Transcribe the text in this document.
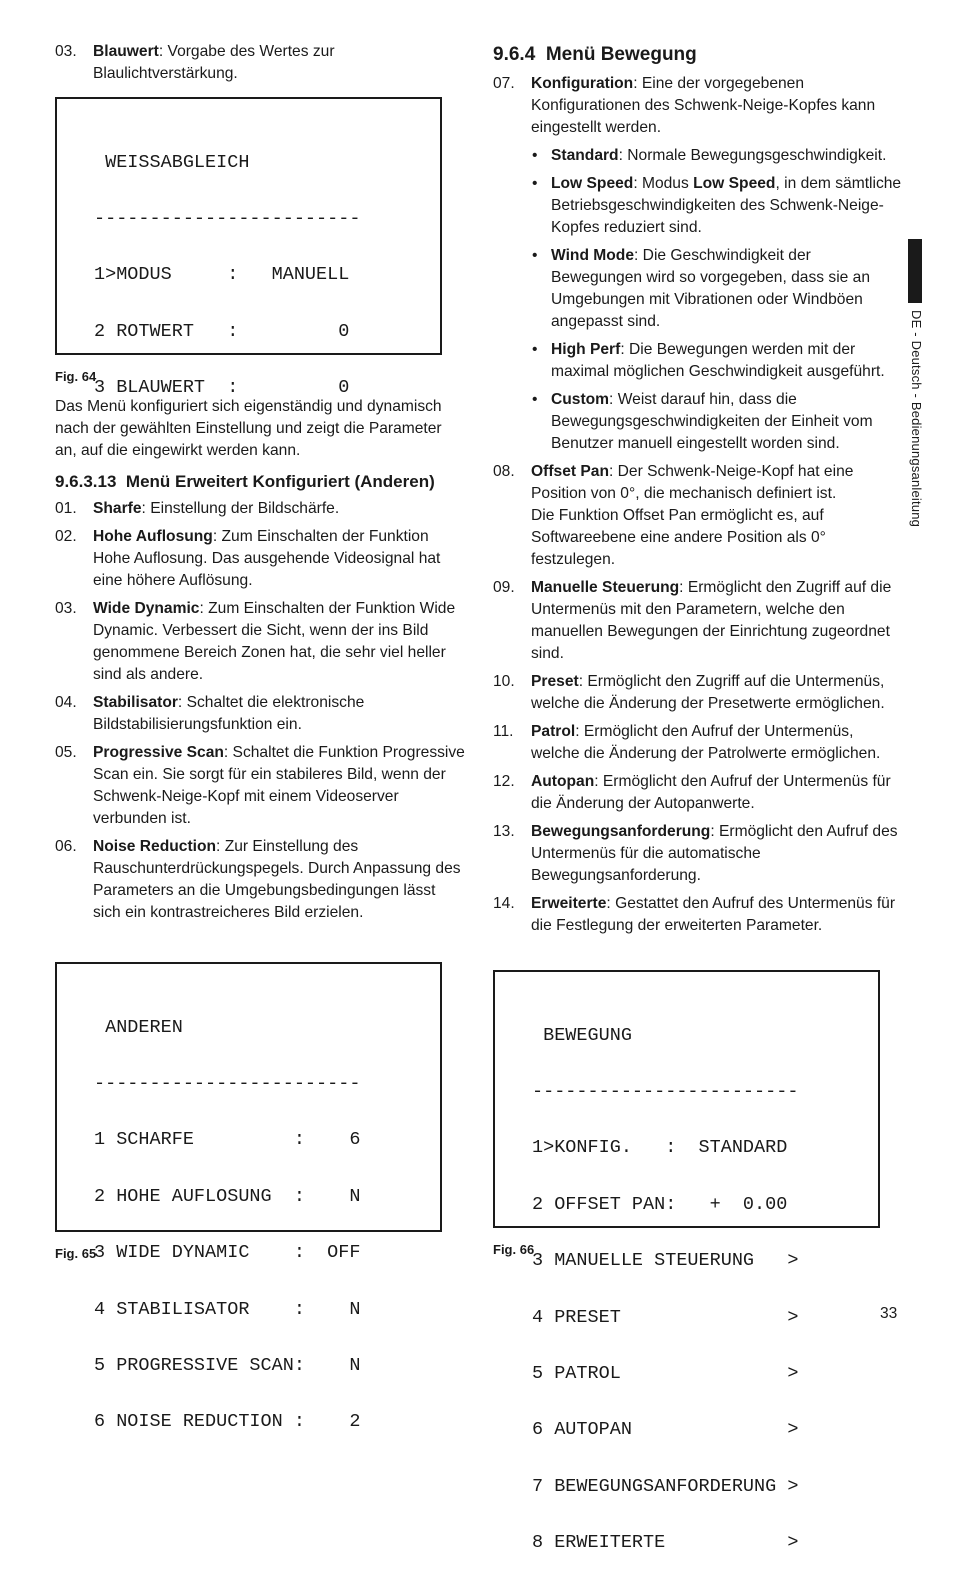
03. Blauwert: Vorgabe des Wertes zur Blaulichtverstärkung.

WEISSABGLEICH

------------------------

1>MODUS     :   MANUELL

2 ROTWERT   :         0

3 BLAUWERT  :         0

Fig. 64

Das Menü konfiguriert sich eigenständig und dynamisch nach der gewählten Einstellung und zeigt die Parameter an, auf die eingewirkt werden kann.

9.6.3.13 Menü Erweitert Konfiguriert (Anderen)
01. Sharfe: Einstellung der Bildschärfe.
02. Hohe Auflosung: Zum Einschalten der Funktion Hohe Auflosung. Das ausgehende Videosignal hat eine höhere Auflösung.
03. Wide Dynamic: Zum Einschalten der Funktion Wide Dynamic. Verbessert die Sicht, wenn der ins Bild genommene Bereich Zonen hat, die sehr viel heller sind als andere.
04. Stabilisator: Schaltet die elektronische Bildstabilisierungsfunktion ein.
05. Progressive Scan: Schaltet die Funktion Progressive Scan ein. Sie sorgt für ein stabileres Bild, wenn der Schwenk-Neige-Kopf mit einem Videoserver verbunden ist.
06. Noise Reduction: Zur Einstellung des Rauschunterdrückungspegels. Durch Anpassung des Parameters an die Umgebungsbedingungen lässt sich ein kontrastreicheres Bild erzielen.

ANDEREN

------------------------

1 SCHARFE         :    6

2 HOHE AUFLOSUNG  :    N

3 WIDE DYNAMIC    :  OFF

4 STABILISATOR    :    N

5 PROGRESSIVE SCAN:    N

6 NOISE REDUCTION :    2

Fig. 65
9.6.4 Menü Bewegung
07. Konfiguration: Eine der vorgegebenen Konfigurationen des Schwenk-Neige-Kopfes kann eingestellt werden.
• Standard: Normale Bewegungsgeschwindigkeit.
• Low Speed: Modus Low Speed, in dem sämtliche Betriebsgeschwindigkeiten des Schwenk-Neige-Kopfes reduziert sind.
• Wind Mode: Die Geschwindigkeit der Bewegungen wird so vorgegeben, dass sie an Umgebungen mit Vibrationen oder Windböen angepasst sind.
• High Perf: Die Bewegungen werden mit der maximal möglichen Geschwindigkeit ausgeführt.
• Custom: Weist darauf hin, dass die Bewegungsgeschwindigkeiten der Einheit vom Benutzer manuell eingestellt worden sind.
08. Offset Pan: Der Schwenk-Neige-Kopf hat eine Position von 0°, die mechanisch definiert ist.
Die Funktion Offset Pan ermöglicht es, auf Softwareebene eine andere Position als 0° festzulegen.
09. Manuelle Steuerung: Ermöglicht den Zugriff auf die Untermenüs mit den Parametern, welche den manuellen Bewegungen der Einrichtung zugeordnet sind.
10. Preset: Ermöglicht den Zugriff auf die Untermenüs, welche die Änderung der Presetwerte ermöglichen.
11. Patrol: Ermöglicht den Aufruf der Untermenüs, welche die Änderung der Patrolwerte ermöglichen.
12. Autopan: Ermöglicht den Aufruf der Untermenüs für die Änderung der Autopanwerte.
13. Bewegungsanforderung: Ermöglicht den Aufruf des Untermenüs für die automatische Bewegungsanforderung.
14. Erweiterte: Gestattet den Aufruf des Untermenüs für die Festlegung der erweiterten Parameter.

BEWEGUNG

------------------------

1>KONFIG.   :  STANDARD

2 OFFSET PAN:   +  0.00

3 MANUELLE STEUERUNG   >

4 PRESET               >

5 PATROL               >

6 AUTOPAN              >

7 BEWEGUNGSANFORDERUNG >

8 ERWEITERTE           >

Fig. 66
DE - Deutsch - Bedienungsanleitung
33
